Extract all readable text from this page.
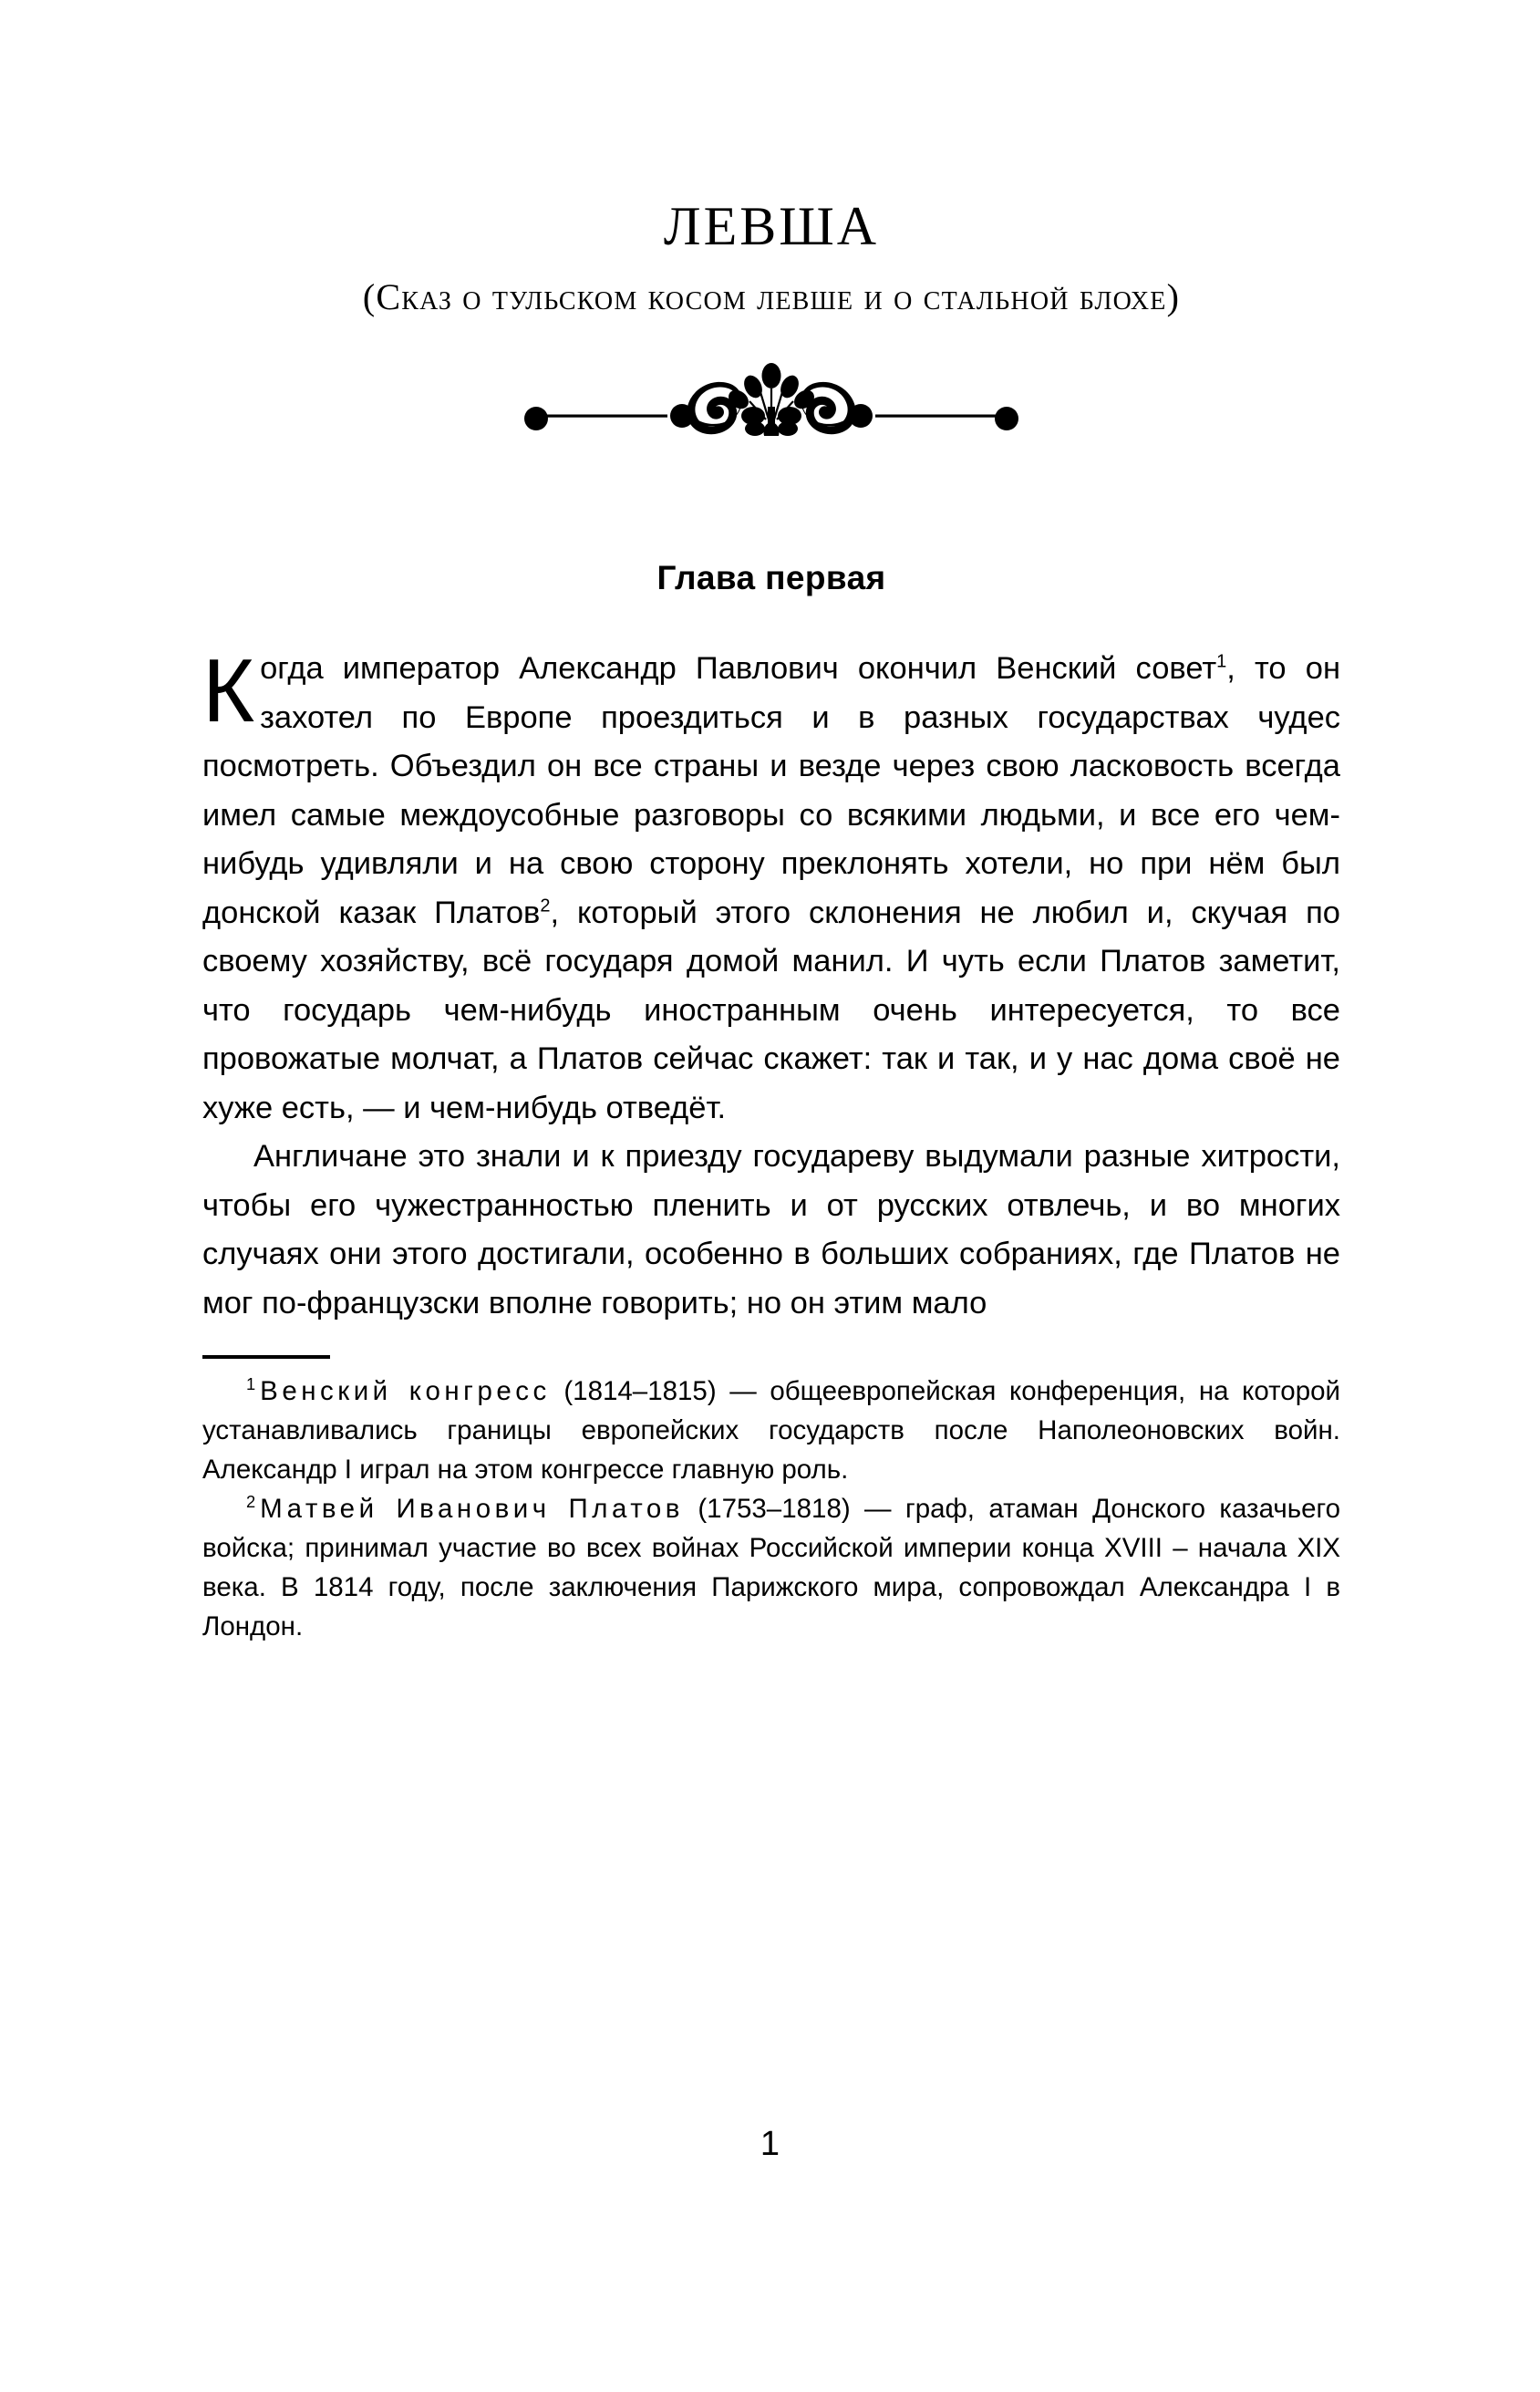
левша
(Сказ о тульском косом левше и о стальной блохе)
Глава первая

Когда император Александр Павлович окончил Венский совет$^1$, то он захотел по Европе проездиться и в разных государствах чудес посмотреть. Объездил он все страны и везде через свою ласковость всегда имел самые междоусобные разговоры со всякими людьми, и все его чем-нибудь удивляли и на свою сторону преклонять хотели, но при нём был донской казак Платов$^2$, который этого склонения не любил и, скучая по своему хозяйству, всё государя домой манил. И чуть если Платов заметит, что государь чем-нибудь иностранным очень интересуется, то все провожатые молчат, а Платов сейчас скажет: так и так, и у нас дома своё не хуже есть, — и чем-нибудь отведёт.

Англичане это знали и к приезду государеву выдумали разные хитрости, чтобы его чужестранностью пленить и от русских отвлечь, и во многих случаях они этого достигали, особенно в больших собраниях, где Платов не мог по-французски вполне говорить; но он этим мало

$^1$ Венский конгресс (1814–1815) — общеевропейская конференция, на которой устанавливались границы европейских государств после Наполеоновских войн. Александр I играл на этом конгрессе главную роль.

$^2$ Матвей Иванович Платов (1753–1818) — граф, атаман Донского казачьего войска; принимал участие во всех войнах Российской империи конца XVIII – начала XIX века. В 1814 году, после заключения Парижского мира, сопровождал Александра I в Лондон.

1
